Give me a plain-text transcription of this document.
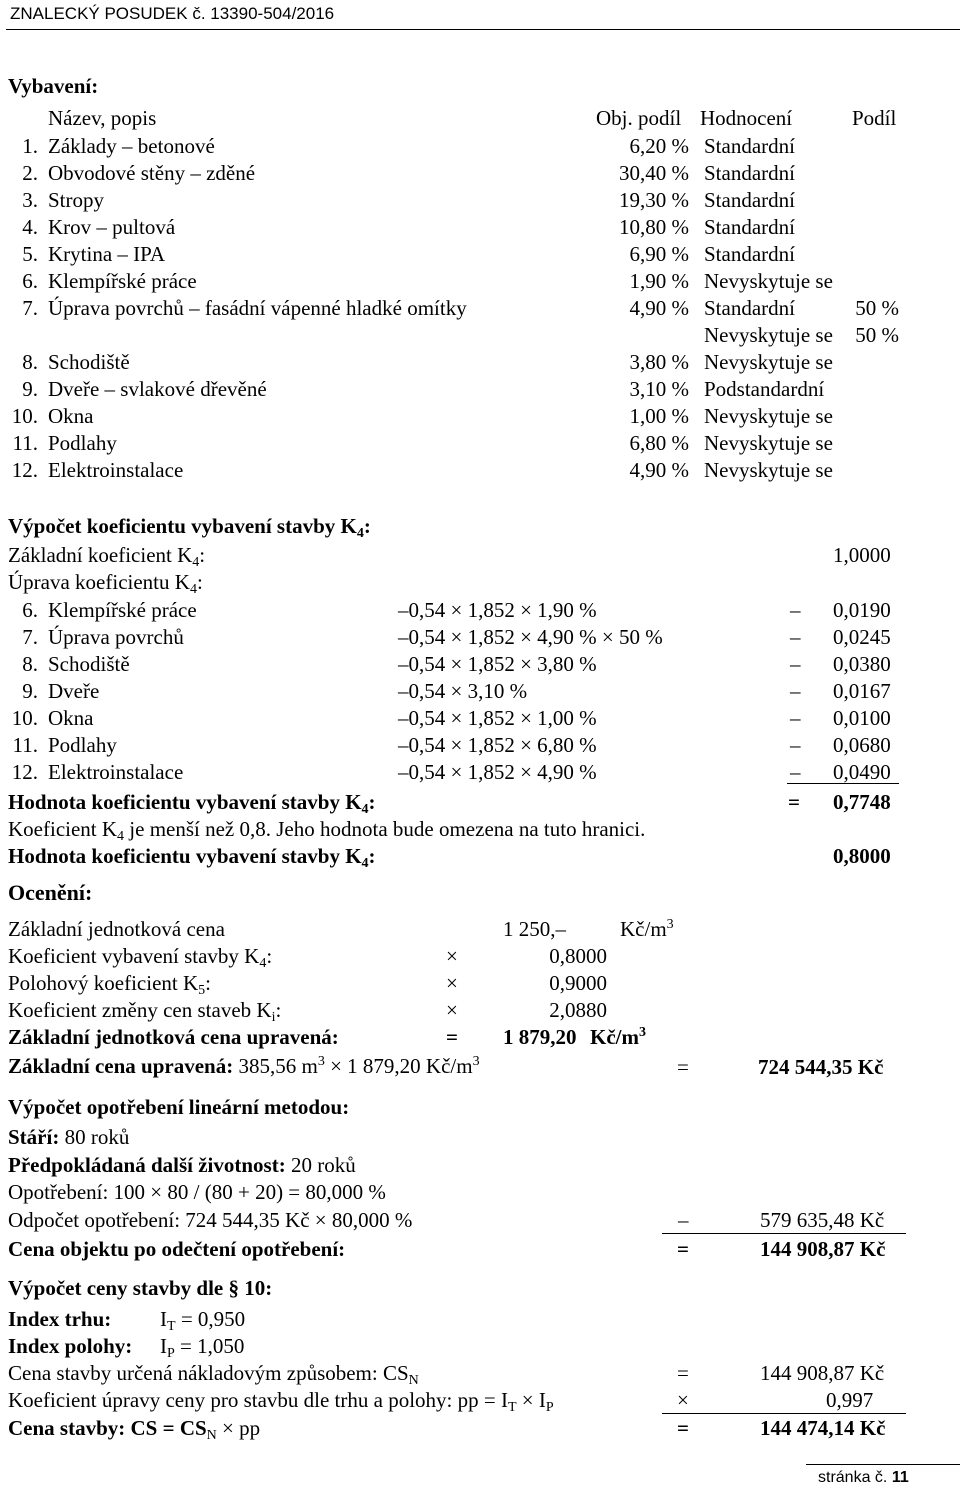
ZNALECKÝ POSUDEK č. 13390-504/2016
Vybavení:
Název, popis	Obj. podíl Hodnocení	Podíl
1. Základy – betonové	6,20 % Standardní
2. Obvodové stěny – zděné	30,40 % Standardní
3. Stropy	19,30 % Standardní
4. Krov – pultová	10,80 % Standardní
5. Krytina – IPA	6,90 % Standardní
6. Klempířské práce	1,90 % Nevyskytuje se
7. Úprava povrchů – fasádní vápenné hladké omítky	4,90 % Standardní	50 %
Nevyskytuje se 50 %
8. Schodiště	3,80 % Nevyskytuje se
9. Dveře – svlakové dřevěné	3,10 % Podstandardní
10. Okna	1,00 % Nevyskytuje se
11. Podlahy	6,80 % Nevyskytuje se
12. Elektroinstalace	4,90 % Nevyskytuje se
Výpočet koeficientu vybavení stavby $K_4$:
Základní koeficient $K_4$:	1,0000
Úprava koeficientu $K_4$:
6. Klempířské práce	–0,54 × 1,852 × 1,90 %	– 0,0190
7. Úprava povrchů	–0,54 × 1,852 × 4,90 % × 50 %	– 0,0245
8. Schodiště	–0,54 × 1,852 × 3,80 %	– 0,0380
9. Dveře	–0,54 × 3,10 %	– 0,0167
10. Okna	–0,54 × 1,852 × 1,00 %	– 0,0100
11. Podlahy	–0,54 × 1,852 × 6,80 %	– 0,0680
12. Elektroinstalace	–0,54 × 1,852 × 4,90 %	– 0,0490
Hodnota koeficientu vybavení stavby $K_4$:	= 0,7748
Koeficient $K_4$ je menší než 0,8. Jeho hodnota bude omezena na tuto hranici.
Hodnota koeficientu vybavení stavby $K_4$:	0,8000
Ocenění:
Základní jednotková cena	1 250,–	$Kč/m^3$
Koeficient vybavení stavby $K_4$:	×	0,8000
Polohový koeficient $K_5$:	×	0,9000
Koeficient změny cen staveb $K_i$:	×	2,0880
Základní jednotková cena upravená:	= 1 879,20 $Kč/m^3$
Základní cena upravená: 385,56 $m^3 \times 1$ 879,20 $Kč/m^3$	=	724 544,35 Kč
Výpočet opotřebení lineární metodou:
Stáří: 80 roků
Předpokládaná další životnost: 20 roků
Opotřebení: 100 × 80 / (80 + 20) = 80,000 %
Odpočet opotřebení: 724 544,35 Kč × 80,000 %	–	579 635,48 Kč
Cena objektu po odečtení opotřebení:	=	144 908,87 Kč
Výpočet ceny stavby dle § 10:
Index trhu: $I_T = 0,950$
Index polohy: $I_P = 1,050$
Cena stavby určená nákladovým způsobem: $CS_N$	=	144 908,87 Kč
Koeficient úpravy ceny pro stavbu dle trhu a polohy: pp = $I_T \times I_P$	×	0,997
Cena stavby: CS = $CS_N$ × pp	=	144 474,14 Kč
stránka č. 11
